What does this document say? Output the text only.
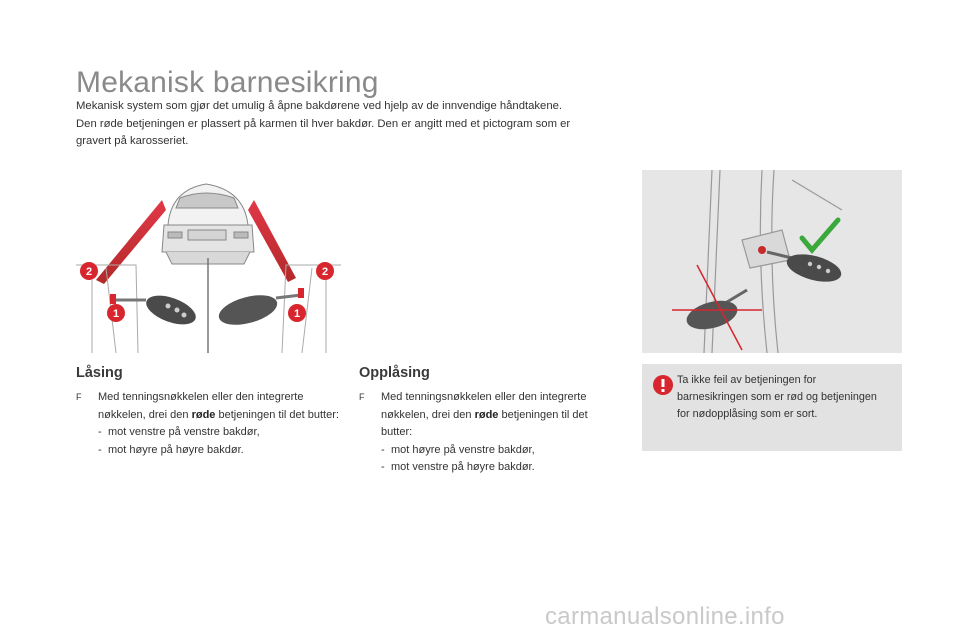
Mekanisk barnesikring

Mekanisk system som gjør det umulig å åpne bakdørene ved hjelp av de innvendige håndtakene.

Den røde betjeningen er plassert på karmen til hver bakdør. Den er angitt med et pictogram som er

gravert på karosseriet.

2
1
2
1
Låsing
F Med tenningsnøkkelen eller den integrerte nøkkelen, drei den røde betjeningen til det butter:
- mot venstre på venstre bakdør,
- mot høyre på høyre bakdør.
Opplåsing
F Med tenningsnøkkelen eller den integrerte nøkkelen, drei den røde betjeningen til det butter:
- mot høyre på venstre bakdør,
- mot venstre på høyre bakdør.
Ta ikke feil av betjeningen for barnesikringen som er rød og betjeningen for nødopplåsing som er sort.
carmanualsonline.info
